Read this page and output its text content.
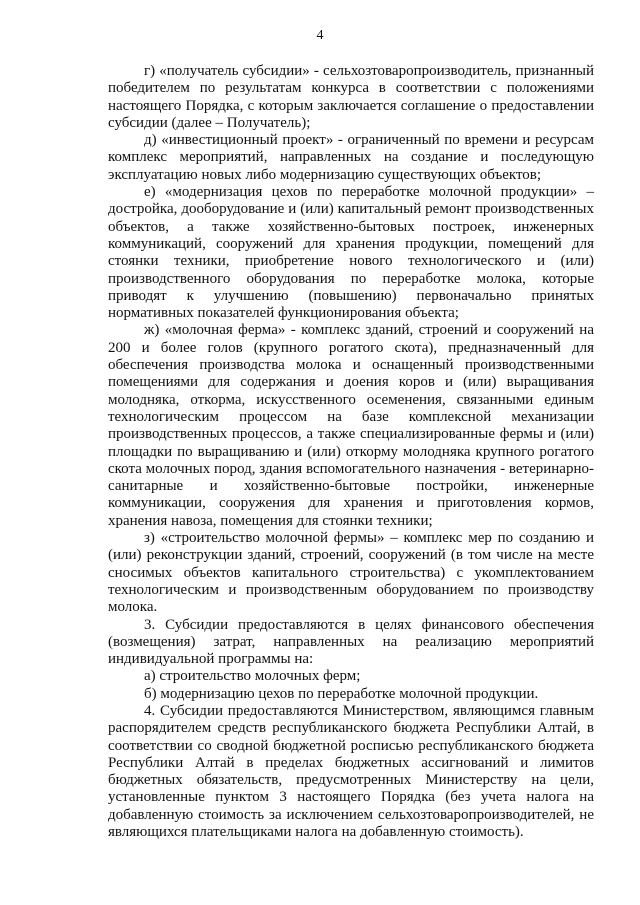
4

г) «получатель субсидии» - сельхозтоваропроизводитель, признанный победителем по результатам конкурса в соответствии с положениями настоящего Порядка, с которым заключается соглашение о предоставлении субсидии (далее – Получатель);

д) «инвестиционный проект» - ограниченный по времени и ресурсам комплекс мероприятий, направленных на создание и последующую эксплуатацию новых либо модернизацию существующих объектов;

е) «модернизация цехов по переработке молочной продукции» – достройка, дооборудование и (или) капитальный ремонт производственных объектов, а также хозяйственно-бытовых построек, инженерных коммуникаций, сооружений для хранения продукции, помещений для стоянки техники, приобретение нового технологического и (или) производственного оборудования по переработке молока, которые приводят к улучшению (повышению) первоначально принятых нормативных показателей функционирования объекта;

ж) «молочная ферма» - комплекс зданий, строений и сооружений на 200 и более голов (крупного рогатого скота), предназначенный для обеспечения производства молока и оснащенный производственными помещениями для содержания и доения коров и (или) выращивания молодняка, откорма, искусственного осеменения, связанными единым технологическим процессом на базе комплексной механизации производственных процессов, а также специализированные фермы и (или) площадки по выращиванию и (или) откорму молодняка крупного рогатого скота молочных пород, здания вспомогательного назначения - ветеринарно-санитарные и хозяйственно-бытовые постройки, инженерные коммуникации, сооружения для хранения и приготовления кормов, хранения навоза, помещения для стоянки техники;

з) «строительство молочной фермы» – комплекс мер по созданию и (или) реконструкции зданий, строений, сооружений (в том числе на месте сносимых объектов капитального строительства) с укомплектованием технологическим и производственным оборудованием по производству молока.

3. Субсидии предоставляются в целях финансового обеспечения (возмещения) затрат, направленных на реализацию мероприятий индивидуальной программы на:

а) строительство молочных ферм;

б) модернизацию цехов по переработке молочной продукции.

4. Субсидии предоставляются Министерством, являющимся главным распорядителем средств республиканского бюджета Республики Алтай, в соответствии со сводной бюджетной росписью республиканского бюджета Республики Алтай в пределах бюджетных ассигнований и лимитов бюджетных обязательств, предусмотренных Министерству на цели, установленные пунктом 3 настоящего Порядка (без учета налога на добавленную стоимость за исключением сельхозтоваропроизводителей, не являющихся плательщиками налога на добавленную стоимость).
